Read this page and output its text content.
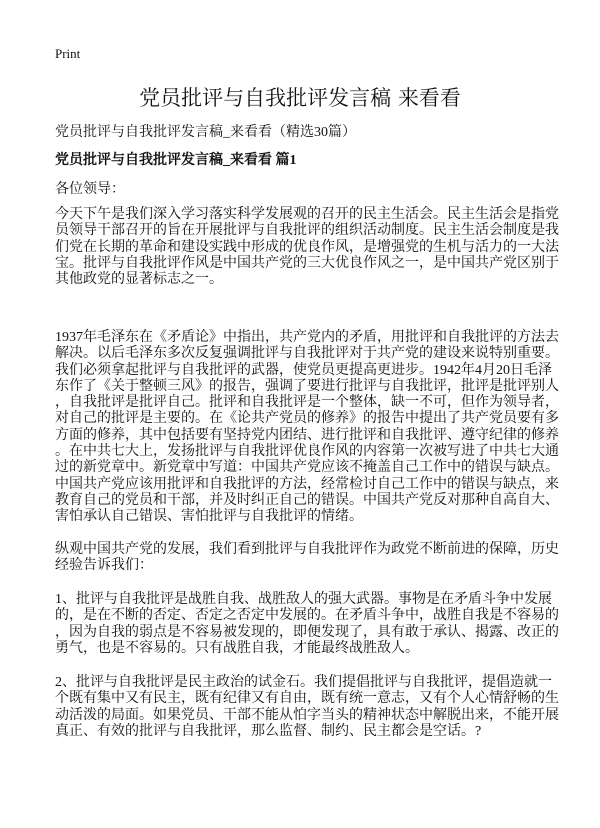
Print
党员批评与自我批评发言稿 来看看
党员批评与自我批评发言稿_来看看（精选30篇）
党员批评与自我批评发言稿_来看看 篇1
各位领导：
今天下午是我们深入学习落实科学发展观的召开的民主生活会。民主生活会是指党
员领导干部召开的旨在开展批评与自我批评的组织活动制度。民主生活会制度是我
们党在长期的革命和建设实践中形成的优良作风，是增强党的生机与活力的一大法
宝。批评与自我批评作风是中国共产党的三大优良作风之一，是中国共产党区别于
其他政党的显著标志之一。
1937年毛泽东在《矛盾论》中指出，共产党内的矛盾，用批评和自我批评的方法去
解决。以后毛泽东多次反复强调批评与自我批评对于共产党的建设来说特别重要。
我们必须拿起批评与自我批评的武器，使党员更提高更进步。1942年4月20日毛泽
东作了《关于整顿三风》的报告，强调了要进行批评与自我批评，批评是批评别人
，自我批评是批评自己。批评和自我批评是一个整体，缺一不可，但作为领导者，
对自己的批评是主要的。在《论共产党员的修养》的报告中提出了共产党员要有多
方面的修养，其中包括要有坚持党内团结、进行批评和自我批评、遵守纪律的修养
。在中共七大上，发扬批评与自我批评优良作风的内容第一次被写进了中共七大通
过的新党章中。新党章中写道：中国共产党应该不掩盖自己工作中的错误与缺点。
中国共产党应该用批评和自我批评的方法，经常检讨自己工作中的错误与缺点，来
教育自己的党员和干部，并及时纠正自己的错误。中国共产党反对那种自高自大、
害怕承认自己错误、害怕批评与自我批评的情绪。
纵观中国共产党的发展，我们看到批评与自我批评作为政党不断前进的保障，历史
经验告诉我们：
1、批评与自我批评是战胜自我、战胜敌人的强大武器。事物是在矛盾斗争中发展
的，是在不断的否定、否定之否定中发展的。在矛盾斗争中，战胜自我是不容易的
，因为自我的弱点是不容易被发现的，即便发现了，具有敢于承认、揭露、改正的
勇气，也是不容易的。只有战胜自我，才能最终战胜敌人。
2、批评与自我批评是民主政治的试金石。我们提倡批评与自我批评，提倡造就一
个既有集中又有民主，既有纪律又有自由，既有统一意志，又有个人心情舒畅的生
动活泼的局面。如果党员、干部不能从怕字当头的精神状态中解脱出来，不能开展
真正、有效的批评与自我批评，那么监督、制约、民主都会是空话。?
